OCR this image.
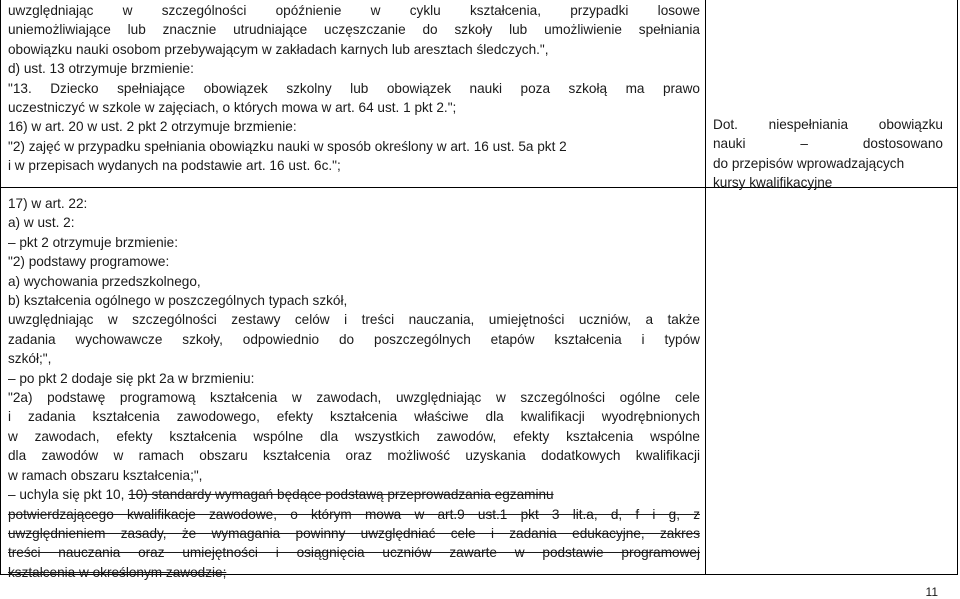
uwzględniając w szczególności opóźnienie w cyklu kształcenia, przypadki losowe
uniemożliwiające lub znacznie utrudniające uczęszczanie do szkoły lub umożliwienie spełniania
obowiązku nauki osobom przebywającym w zakładach karnych lub aresztach śledczych.",
d) ust. 13 otrzymuje brzmienie:
"13. Dziecko spełniające obowiązek szkolny lub obowiązek nauki poza szkołą ma prawo
uczestniczyć w szkole w zajęciach, o których mowa w art. 64 ust. 1 pkt 2.";
16) w art. 20 w ust. 2 pkt 2 otrzymuje brzmienie:
"2) zajęć w przypadku spełniania obowiązku nauki w sposób określony w art. 16 ust. 5a pkt 2
i w przepisach wydanych na podstawie art. 16 ust. 6c.";
Dot. niespełniania obowiązku
nauki – dostosowano
do przepisów wprowadzających
kursy kwalifikacyjne
17) w art. 22:
a) w ust. 2:
– pkt 2 otrzymuje brzmienie:
"2) podstawy programowe:
a) wychowania przedszkolnego,
b) kształcenia ogólnego w poszczególnych typach szkół,
uwzględniając w szczególności zestawy celów i treści nauczania, umiejętności uczniów, a także
zadania wychowawcze szkoły, odpowiednio do poszczególnych etapów kształcenia i typów
szkół;",
– po pkt 2 dodaje się pkt 2a w brzmieniu:
"2a) podstawę programową kształcenia w zawodach, uwzględniając w szczególności ogólne cele
i zadania kształcenia zawodowego, efekty kształcenia właściwe dla kwalifikacji wyodrębnionych
w zawodach, efekty kształcenia wspólne dla wszystkich zawodów, efekty kształcenia wspólne
dla zawodów w ramach obszaru kształcenia oraz możliwość uzyskania dodatkowych kwalifikacji
w ramach obszaru kształcenia;",
– uchyla się pkt 10, 10) standardy wymagań będące podstawą przeprowadzania egzaminu
potwierdzającego kwalifikacje zawodowe, o którym mowa w art.9 ust.1 pkt 3 lit.a, d, f i g, z
uwzględnieniem zasady, że wymagania powinny uwzględniać cele i zadania edukacyjne, zakres
treści nauczania oraz umiejętności i osiągnięcia uczniów zawarte w podstawie programowej
kształcenia w określonym zawodzie;
11
